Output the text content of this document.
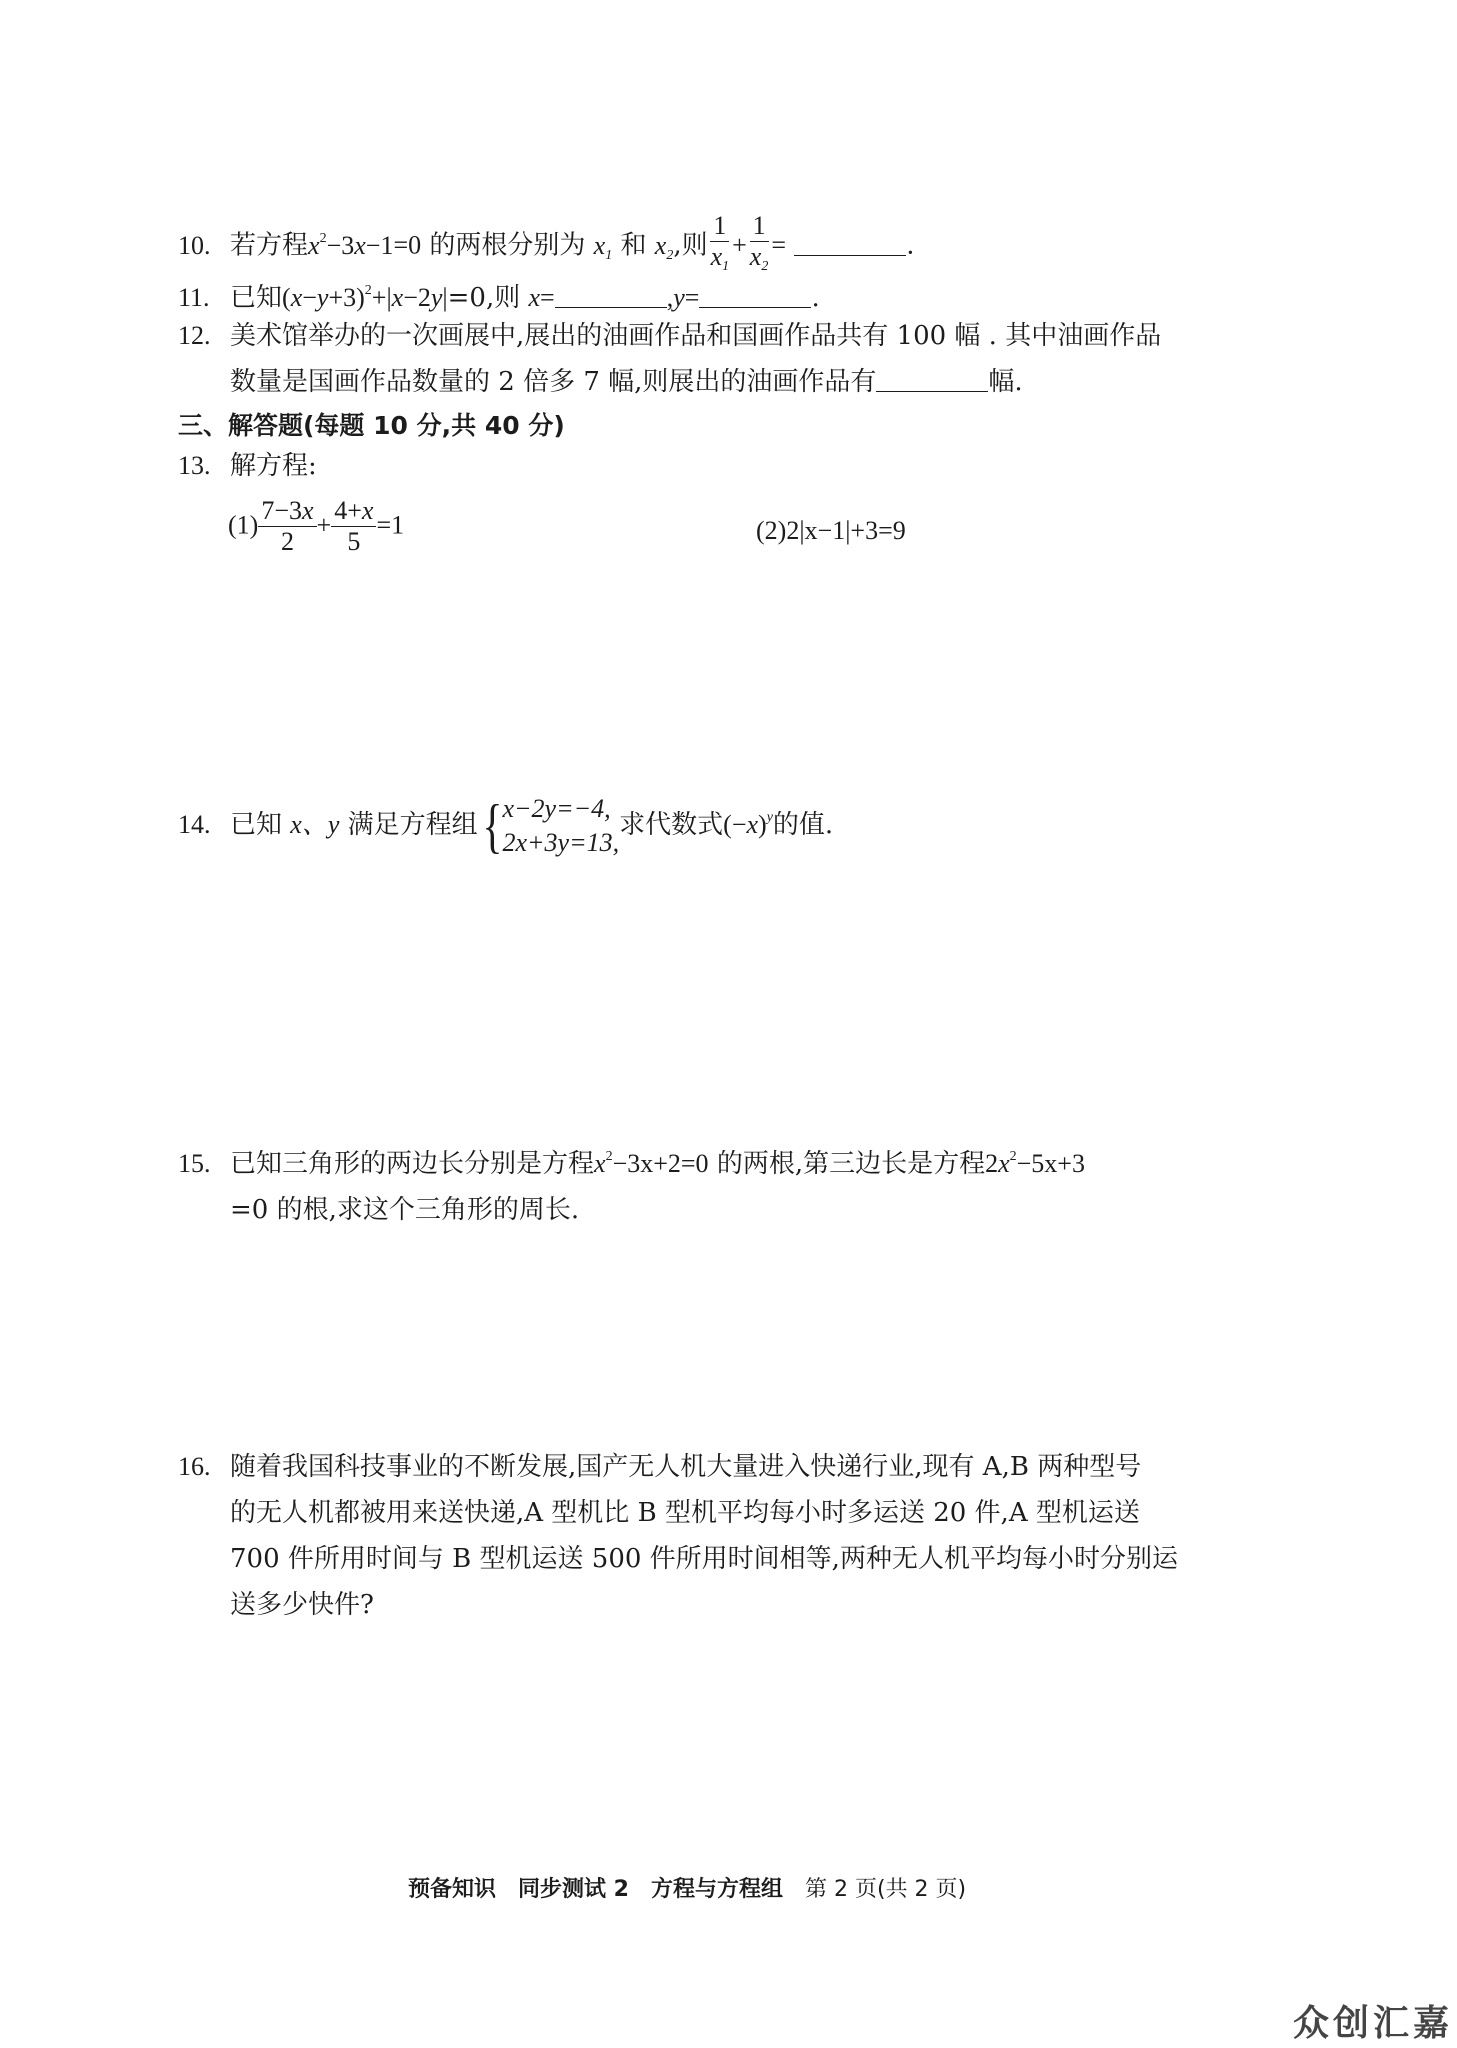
10. 若方程$x^2-3x-1=0$ 的两根分别为 $x_1$ 和 $x_2$,则 $\frac{1}{x_1} + \frac{1}{x_2}$ =	.
11. 已知$(x-y+3)^2+|x-2y|=0$,则 x=	,y=	.
12. 美术馆举办的一次画展中,展出的油画作品和国画作品共有 100 幅 . 其中油画作品
数量是国画作品数量的 2 倍多 7 幅,则展出的油画作品有	幅.
三、解答题(每题 10 分,共 40 分)
13. 解方程:
$(1) \frac{7-3x}{2} + \frac{4+x}{5} =1$	(2)2|x−1|+3=9
14. 已知 x、y 满足方程组 { x−2y=−4,
2x+3y=13,
求代数式$(-x)^y$的值.
15. 已知三角形的两边长分别是方程$x^2-3x+2=0$ 的两根,第三边长是方程$2x^2-5x+3$
=0 的根,求这个三角形的周长.
16. 随着我国科技事业的不断发展,国产无人机大量进入快递行业,现有 A,B 两种型号
的无人机都被用来送快递,A 型机比 B 型机平均每小时多运送 20 件,A 型机运送
700 件所用时间与 B 型机运送 500 件所用时间相等,两种无人机平均每小时分别运
送多少快件?
预备知识 同步测试 2 方程与方程组 第 2 页(共 2 页)
众创汇嘉
